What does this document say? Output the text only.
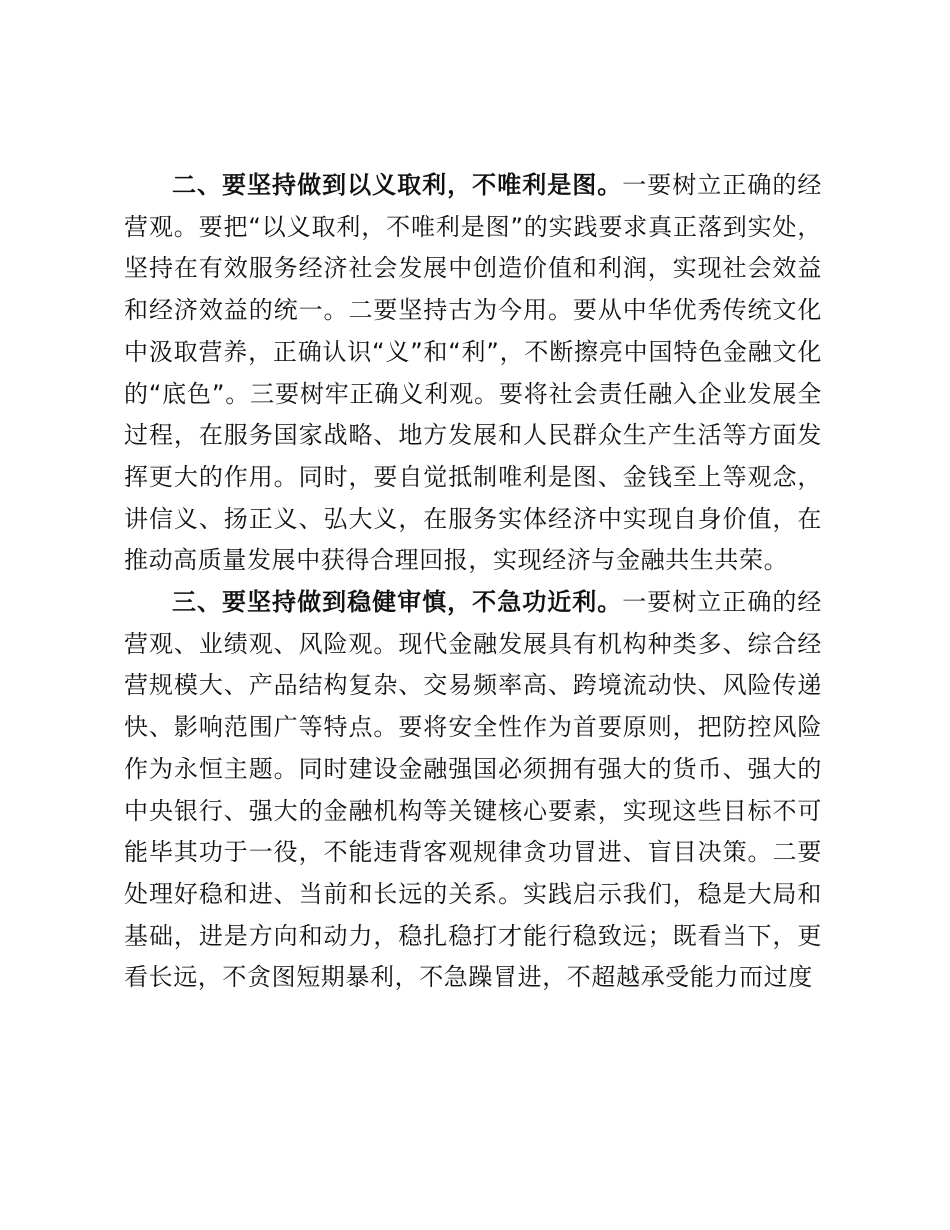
二、要坚持做到以义取利，不唯利是图。一要树立正确的经营观。要把“以义取利，不唯利是图”的实践要求真正落到实处，坚持在有效服务经济社会发展中创造价值和利润，实现社会效益和经济效益的统一。二要坚持古为今用。要从中华优秀传统文化中汲取营养，正确认识“义”和“利”，不断擦亮中国特色金融文化的“底色”。三要树牢正确义利观。要将社会责任融入企业发展全过程，在服务国家战略、地方发展和人民群众生产生活等方面发挥更大的作用。同时，要自觉抵制唯利是图、金钱至上等观念，讲信义、扬正义、弘大义，在服务实体经济中实现自身价值，在推动高质量发展中获得合理回报，实现经济与金融共生共荣。

三、要坚持做到稳健审慎，不急功近利。一要树立正确的经营观、业绩观、风险观。现代金融发展具有机构种类多、综合经营规模大、产品结构复杂、交易频率高、跨境流动快、风险传递快、影响范围广等特点。要将安全性作为首要原则，把防控风险作为永恒主题。同时建设金融强国必须拥有强大的货币、强大的中央银行、强大的金融机构等关键核心要素，实现这些目标不可能毕其功于一役，不能违背客观规律贪功冒进、盲目决策。二要处理好稳和进、当前和长远的关系。实践启示我们，稳是大局和基础，进是方向和动力，稳扎稳打才能行稳致远；既看当下，更看长远，不贪图短期暴利，不急躁冒进，不超越承受能力而过度
